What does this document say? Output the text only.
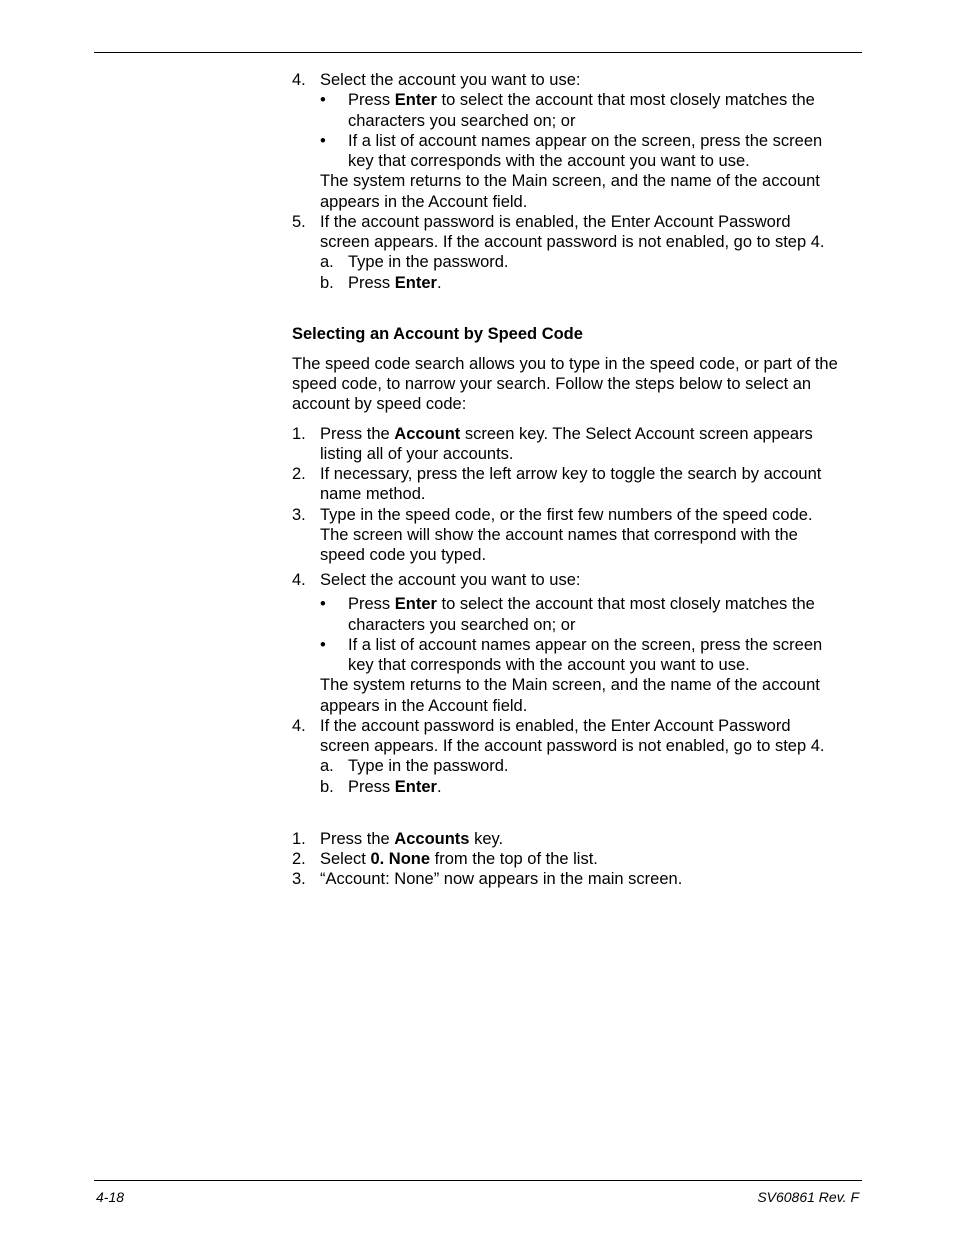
4. Select the account you want to use:
• Press Enter to select the account that most closely matches the
characters you searched on; or
• If a list of account names appear on the screen, press the screen
key that corresponds with the account you want to use.
The system returns to the Main screen, and the name of the account
appears in the Account field.
5. If the account password is enabled, the Enter Account Password
screen appears. If the account password is not enabled, go to step 4.
a. Type in the password.
b. Press Enter.
Selecting an Account by Speed Code
The speed code search allows you to type in the speed code, or part of the
speed code, to narrow your search. Follow the steps below to select an
account by speed code:
1. Press the Account screen key. The Select Account screen appears
listing all of your accounts.
2. If necessary, press the left arrow key to toggle the search by account
name method.
3. Type in the speed code, or the first few numbers of the speed code.
The screen will show the account names that correspond with the
speed code you typed.
4. Select the account you want to use:
• Press Enter to select the account that most closely matches the
characters you searched on; or
• If a list of account names appear on the screen, press the screen
key that corresponds with the account you want to use.
The system returns to the Main screen, and the name of the account
appears in the Account field.
4. If the account password is enabled, the Enter Account Password
screen appears. If the account password is not enabled, go to step 4.
a. Type in the password.
b. Press Enter.
1. Press the Accounts key.
2. Select 0. None from the top of the list.
3. “Account: None” now appears in the main screen.
4-18	SV60861 Rev. F
